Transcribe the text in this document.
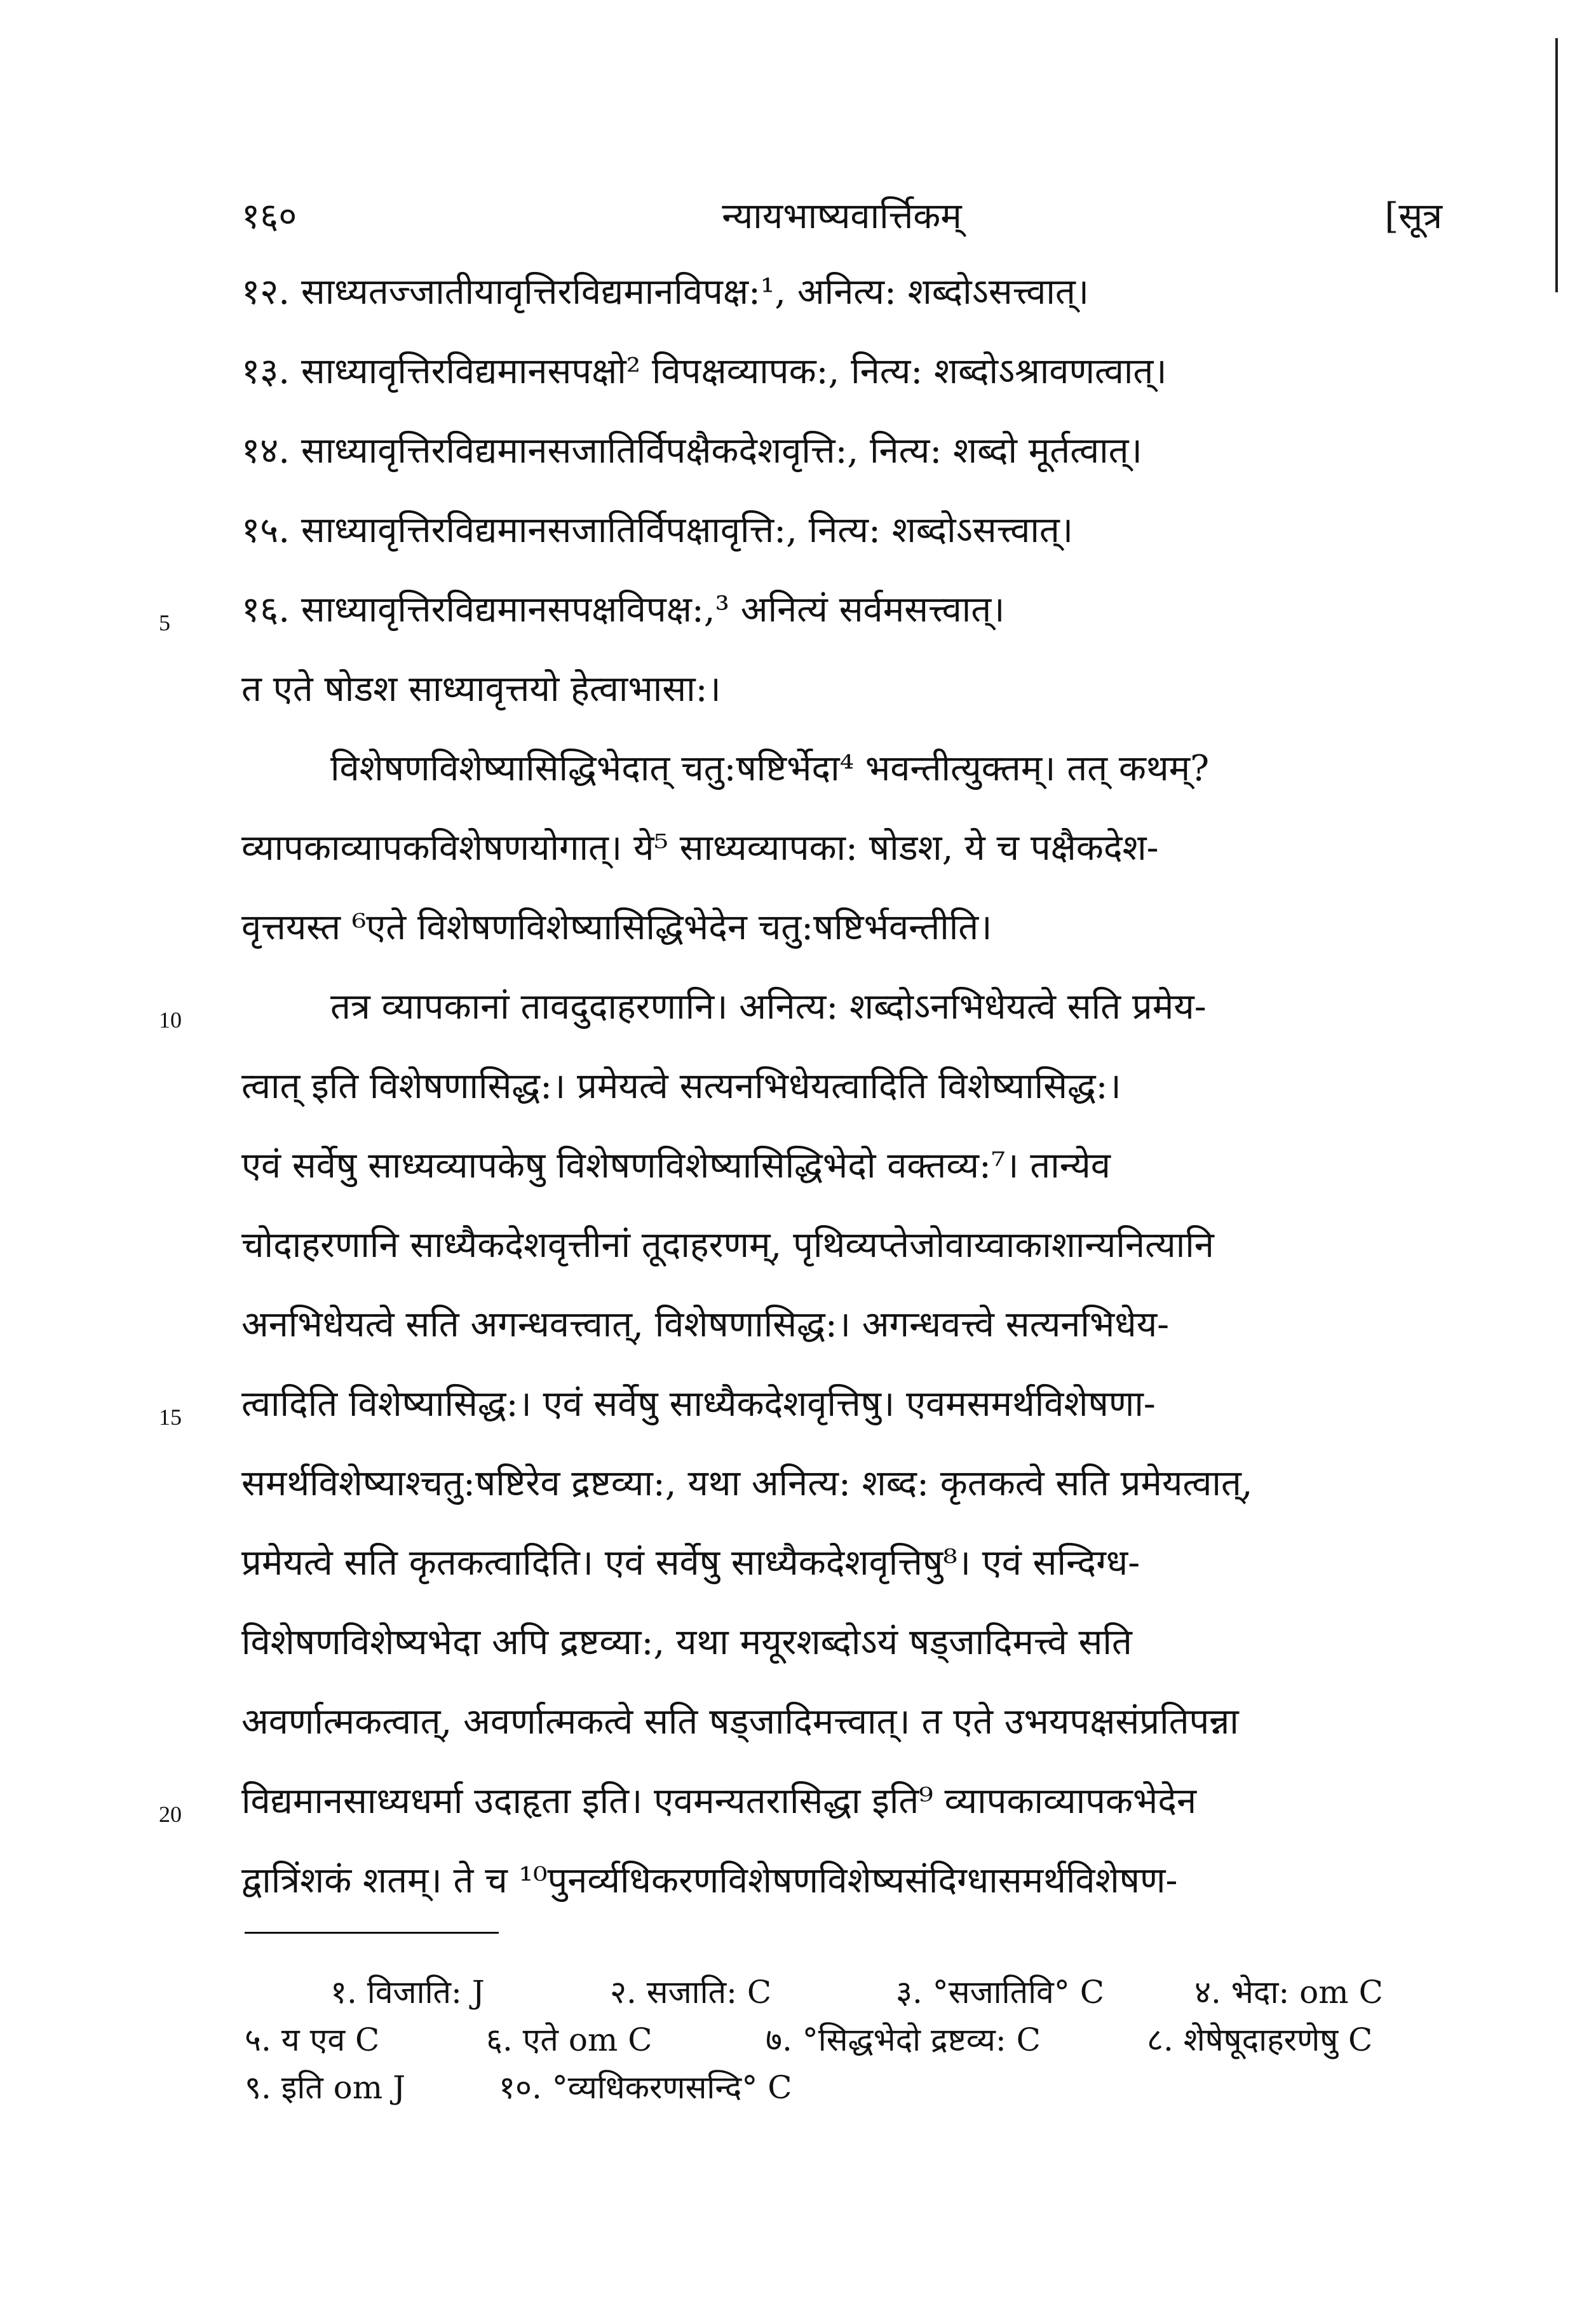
१६०	न्यायभाष्यवार्त्तिकम्	[सूत्र
१२. साध्यतज्जातीयावृत्तिरविद्यमानविपक्ष:¹, अनित्य: शब्दोऽसत्त्वात्।
१३. साध्यावृत्तिरविद्यमानसपक्षो² विपक्षव्यापक:, नित्य: शब्दोऽश्रावणत्वात्।
१४. साध्यावृत्तिरविद्यमानसजातिर्विपक्षैकदेशवृत्ति:, नित्य: शब्दो मूर्तत्वात्।
१५. साध्यावृत्तिरविद्यमानसजातिर्विपक्षावृत्ति:, नित्य: शब्दोऽसत्त्वात्।
१६. साध्यावृत्तिरविद्यमानसपक्षविपक्ष:,³ अनित्यं सर्वमसत्त्वात्।
त एते षोडश साध्यावृत्तयो हेत्वाभासा:।
विशेषणविशेष्यासिद्धिभेदात् चतु:षष्टिर्भेदा⁴ भवन्तीत्युक्तम्। तत् कथम्?
व्यापकाव्यापकविशेषणयोगात्। ये⁵ साध्यव्यापका: षोडश, ये च पक्षैकदेश-
वृत्तयस्त ⁶एते विशेषणविशेष्यासिद्धिभेदेन चतु:षष्टिर्भवन्तीति।
तत्र व्यापकानां तावदुदाहरणानि। अनित्य: शब्दोऽनभिधेयत्वे सति प्रमेय-
त्वात् इति विशेषणासिद्ध:। प्रमेयत्वे सत्यनभिधेयत्वादिति विशेष्यासिद्ध:।
एवं सर्वेषु साध्यव्यापकेषु विशेषणविशेष्यासिद्धिभेदो वक्तव्य:⁷। तान्येव
चोदाहरणानि साध्यैकदेशवृत्तीनां तूदाहरणम्, पृथिव्यप्तेजोवाय्वाकाशान्यनित्यानि
अनभिधेयत्वे सति अगन्धवत्त्वात्, विशेषणासिद्ध:। अगन्धवत्त्वे सत्यनभिधेय-
त्वादिति विशेष्यासिद्ध:। एवं सर्वेषु साध्यैकदेशवृत्तिषु। एवमसमर्थविशेषणा-
समर्थविशेष्याश्चतु:षष्टिरेव द्रष्टव्या:, यथा अनित्य: शब्द: कृतकत्वे सति प्रमेयत्वात्,
प्रमेयत्वे सति कृतकत्वादिति। एवं सर्वेषु साध्यैकदेशवृत्तिषु⁸। एवं सन्दिग्ध-
विशेषणविशेष्यभेदा अपि द्रष्टव्या:, यथा मयूरशब्दोऽयं षड्जादिमत्त्वे सति
अवर्णात्मकत्वात्, अवर्णात्मकत्वे सति षड्जादिमत्त्वात्। त एते उभयपक्षसंप्रतिपन्ना
विद्यमानसाध्यधर्मा उदाहृता इति। एवमन्यतरासिद्धा इति⁹ व्यापकाव्यापकभेदेन
द्वात्रिंशकं शतम्। ते च ¹⁰पुनर्व्यधिकरणविशेषणविशेष्यसंदिग्धासमर्थविशेषण-
5
10
15
20
१. विजाति: J	२. सजाति: C	३. °सजातिवि° C	४. भेदा: om C
५. य एव C	६. एते om C	७. °सिद्धभेदो द्रष्टव्य: C	८. शेषेषूदाहरणेषु C
९. इति om J	१०. °व्यधिकरणसन्दि° C
